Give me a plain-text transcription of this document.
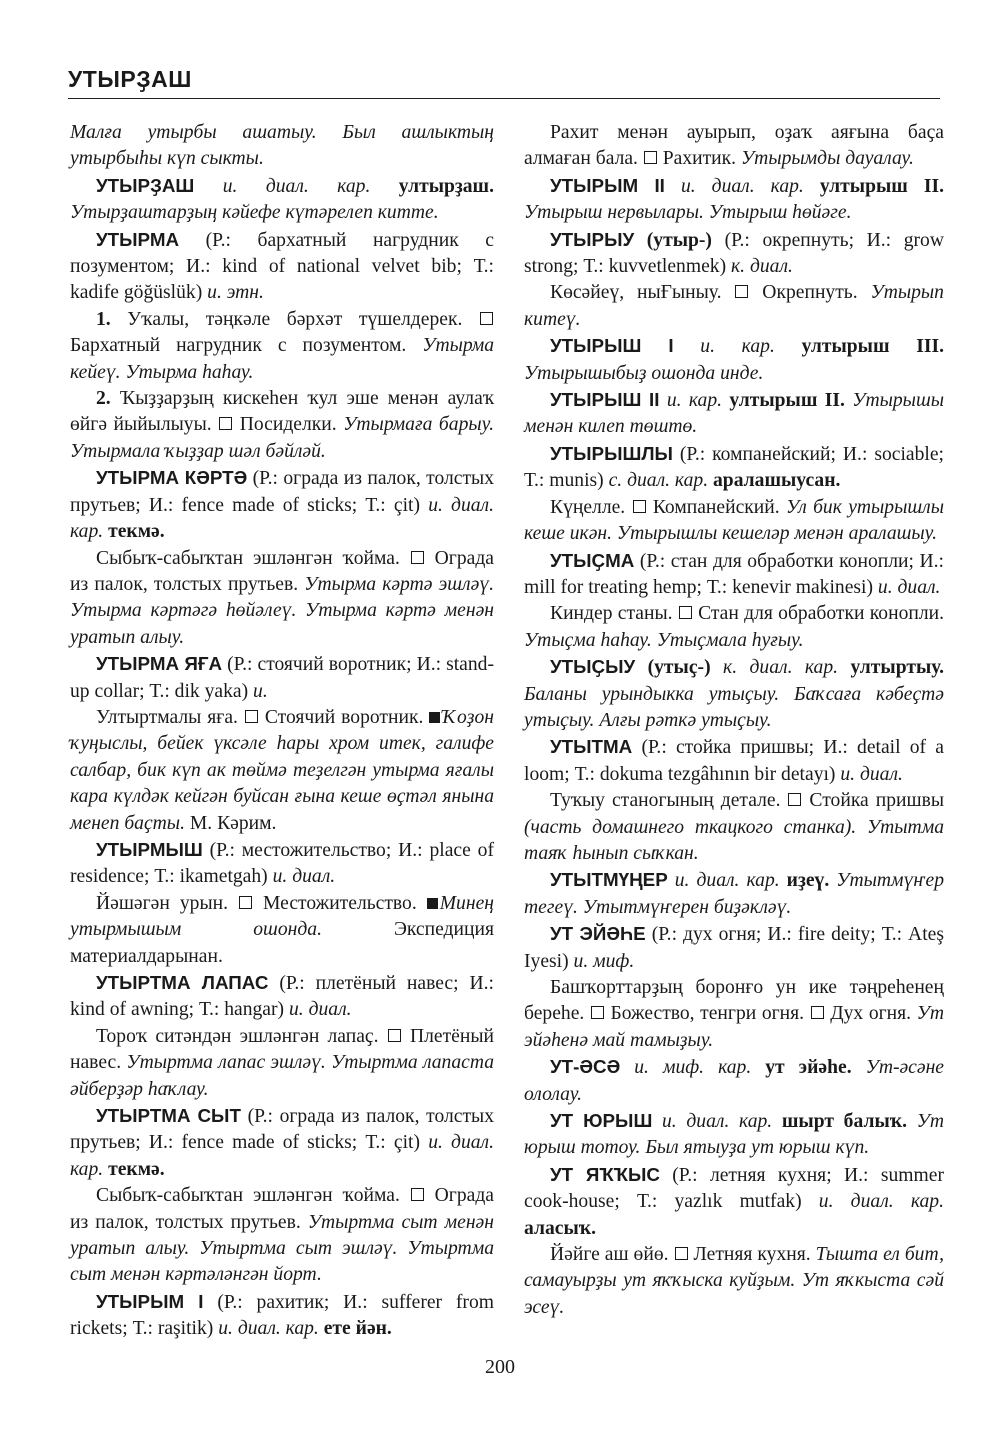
УТЫРҘАШ

Малға утырбы ашатыу. Был ашлыктың утырбыһы күп сыкты.

УТЫРҘАШ и. диал. кар. ултырҙаш. Утырҙаштарҙың кәйефе күтәрелеп китте.

УТЫРМА (Р.: бархатный нагрудник с позументом; И.: kind of national velvet bib; Т.: kadife göğüslük) и. этн.

1. Уҡалы, тәңкәле бәрхәт түшелдерек.  Бархатный нагрудник с позументом. Утырма кейеү. Утырма һаһау.

2. Ҡыҙҙарҙың кискеһен ҡул эше менән аулаҡ өйгә йыйылыуы.  Посиделки. Утырмаға барыу. Утырмала ҡыҙҙар шәл бәйләй.

УТЫРМА КӘРТӘ (Р.: ограда из палок, толстых прутьев; И.: fence made of sticks; Т.: çit) и. диал. кар. текмә.

Сыбыҡ-сабыҡтан эшләнгән ҡойма.  Ограда из палок, толстых прутьев. Утырма кәртә эшләү. Утырма кәртәгә һөйәлеү. Утырма кәртә менән уратып алыу.

УТЫРМА ЯҒА (Р.: стоячий воротник; И.: stand-up collar; Т.: dik yaka) и.

Ултыртмалы яға.  Стоячий воротник. Ҡоҙон ҡуңыслы, бейек үксәле һары хром итек, галифе салбар, бик күп ак төймә теҙелгән утырма яғалы кара күлдәк кейгән буйсан ғына кеше өҫтәл янына менеп баҫты. М. Кәрим.

УТЫРМЫШ (Р.: местожительство; И.: place of residence; Т.: ikametgah) и. диал.

Йәшәгән урын.  Местожительство. Минең утырмышым ошонда. Экспедиция материалдарынан.

УТЫРТМА ЛАПАС (Р.: плетёный навес; И.: kind of awning; Т.: hangar) и. диал.

Тороҡ ситәндән эшләнгән лапаҫ.  Плетёный навес. Утыртма лапас эшләү. Утыртма лапаста әйберҙәр һаҡлау.

УТЫРТМА СЫТ (Р.: ограда из палок, толстых прутьев; И.: fence made of sticks; Т.: çit) и. диал. кар. текмә.

Сыбыҡ-сабыҡтан эшләнгән ҡойма.  Ограда из палок, толстых прутьев. Утыртма сыт менән уратып алыу. Утыртма сыт эшләү. Утыртма сыт менән кәртәләнгән йорт.

УТЫРЫМ I (Р.: рахитик; И.: sufferer from rickets; Т.: raşitik) и. диал. кар. ете йән.

Рахит менән ауырып, оҙаҡ аяғына баҫа алмаған бала.  Рахитик. Утырымды дауалау.

УТЫРЫМ II и. диал. кар. ултырыш II. Утырыш нервылары. Утырыш һөйәге.

УТЫРЫУ (утыр-) (Р.: окрепнуть; И.: grow strong; Т.: kuvvetlenmek) к. диал.

Көсәйеү, ныҒыныу.  Окрепнуть. Утырып китеү.

УТЫРЫШ I и. кар. ултырыш III. Утырышыбыҙ ошонда инде.

УТЫРЫШ II и. кар. ултырыш II. Утырышы менән килеп төштө.

УТЫРЫШЛЫ (Р.: компанейский; И.: sociable; Т.: munis) с. диал. кар. аралашыусан.

Күңелле.  Компанейский. Ул бик утырышлы кеше икән. Утырышлы кешеләр менән аралашыу.

УТЫҪМА (Р.: стан для обработки конопли; И.: mill for treating hemp; Т.: kenevir makinesi) и. диал.

Киндер станы.  Стан для обработки конопли. Утыҫма һаһау. Утыҫмала һуғыу.

УТЫҪЫУ (утыҫ-) к. диал. кар. ултыртыу. Баланы урындыкка утыҫыу. Баҡсаға кәбеҫтә утыҫыу. Алғы рәткә утыҫыу.

УТЫТМА (Р.: стойка пришвы; И.: detail of a loom; Т.: dokuma tezgâhının bir detayı) и. диал.

Туҡыу станогының детале.  Стойка пришвы (часть домашнего ткацкого станка). Утытма таяҡ һынып сыҡкан.

УТЫТМҮҢЕР и. диал. кар. иҙеү. Утытмүҥер тегеү. Утытмүҥерен биҙәкләү.

УТ ЭЙӘҺЕ (Р.: дух огня; И.: fire deity; Т.: Ateş Iyesi) и. миф.

Башҡорттарҙың боронғо ун ике тәңреһенең береһе.  Божество, тенгри огня.  Дух огня. Ут эйәһенә май тамыҙыу.

УТ-ӘСӘ и. миф. кар. ут эйәһе. Ут-әсәне ололау.

УТ ЮРЫШ и. диал. кар. шырт балыҡ. Ут юрыш тотоу. Был ятыуҙа ут юрыш күп.

УТ ЯҠҠЫС (Р.: летняя кухня; И.: summer cook-house; Т.: yazlık mutfak) и. диал. кар. аласыҡ.

Йәйге аш өйө.  Летняя кухня. Тышта ел бит, самауырҙы ут яҡҡыска куйҙым. Ут яҡкыста сәй эсеү.

200
